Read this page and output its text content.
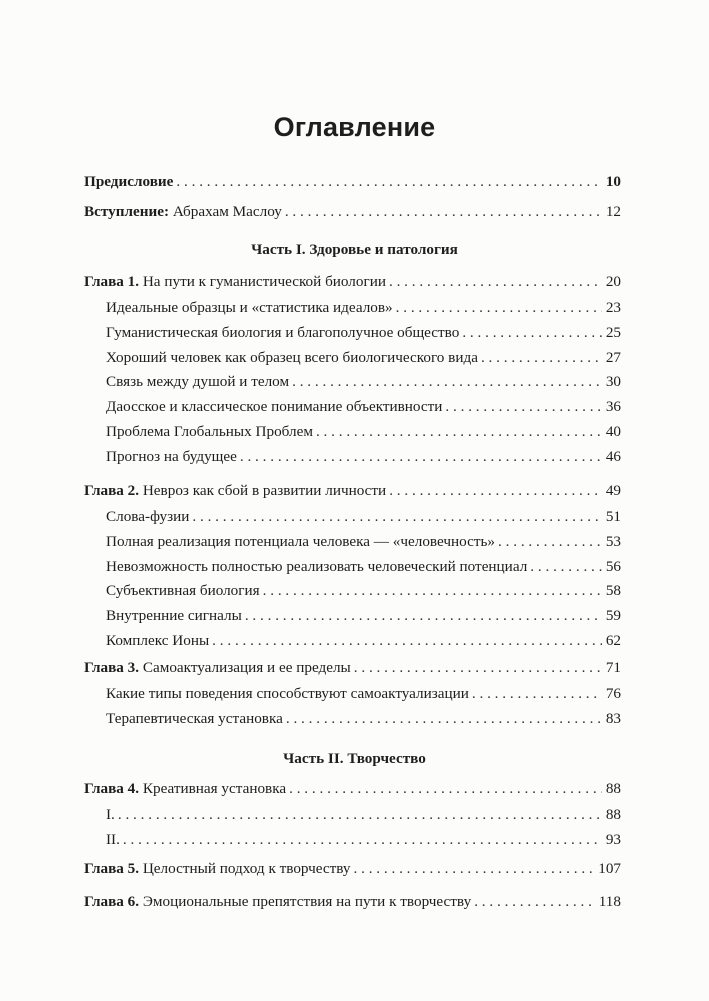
Оглавление
Предисловие . . .	10
Вступление: Абрахам Маслоу . . .	12
Часть I. Здоровье и патология
Глава 1. На пути к гуманистической биологии . . .	20
Идеальные образцы и «статистика идеалов» . . .	23
Гуманистическая биология и благополучное общество . . .	25
Хороший человек как образец всего биологического вида . . .	27
Связь между душой и телом . . .	30
Даосское и классическое понимание объективности . . .	36
Проблема Глобальных Проблем . . .	40
Прогноз на будущее . . .	46
Глава 2. Невроз как сбой в развитии личности . . .	49
Слова-фузии . . .	51
Полная реализация потенциала человека — «человечность» . . .	53
Невозможность полностью реализовать человеческий потенциал . . .	56
Субъективная биология . . .	58
Внутренние сигналы . . .	59
Комплекс Ионы . . .	62
Глава 3. Самоактуализация и ее пределы . . .	71
Какие типы поведения способствуют самоактуализации . . .	76
Терапевтическая установка . . .	83
Часть II. Творчество
Глава 4. Креативная установка . . .	88
I. . . .	88
II. . . .	93
Глава 5. Целостный подход к творчеству . . .	107
Глава 6. Эмоциональные препятствия на пути к творчеству . . .	118
